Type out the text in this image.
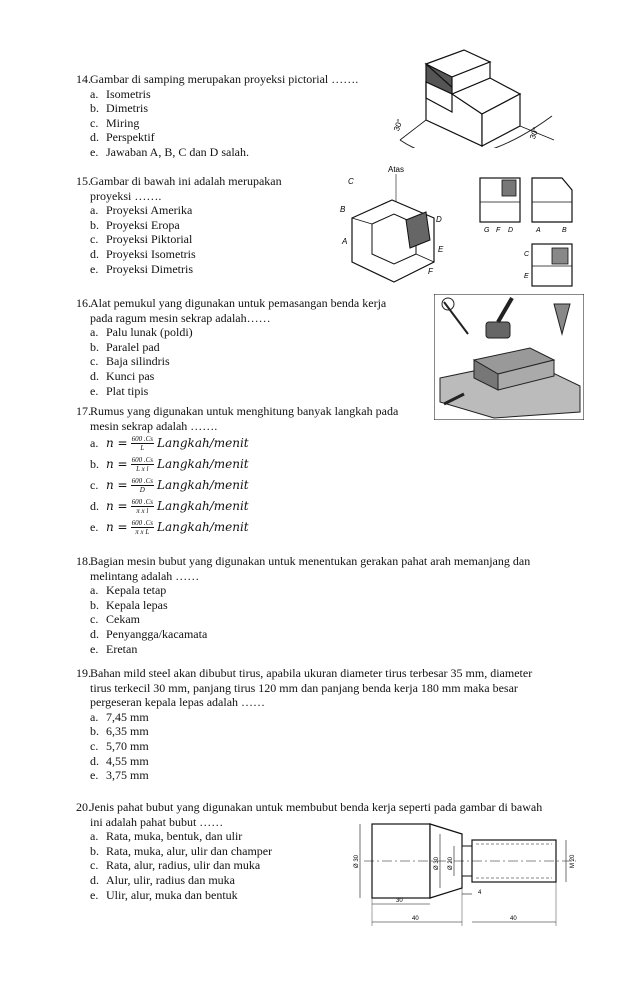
14. Gambar di samping merupakan proyeksi pictorial …….
a. Isometris
b. Dimetris
c. Miring
d. Perspektif
e. Jawaban A, B, C dan D salah.
30°
30°
15. Gambar di bawah ini adalah merupakan
proyeksi …….
a. Proyeksi Amerika
b. Proyeksi Eropa
c. Proyeksi Piktorial
d. Proyeksi Isometris
e. Proyeksi Dimetris
Atas
C
B
A
D
E
F
G F D	A	B
C
E
16. Alat pemukul yang digunakan untuk pemasangan benda kerja
pada ragum mesin sekrap adalah……
a. Palu lunak (poldi)
b. Paralel pad
c. Baja silindris
d. Kunci pas
e. Plat tipis
17. Rumus yang digunakan untuk menghitung banyak langkah pada
mesin sekrap adalah …….
a. $n = \frac{600 .Cs}{L}$ Langkah/menit
b. $n = \frac{600 .Cs}{\text{L x l}}$ Langkah/menit
c. $n = \frac{600 .Cs}{D}$ Langkah/menit
d. $n = \frac{600 .Cs}{\text{π x l}}$ Langkah/menit
e. $n = \frac{600 .Cs}{\text{π x L}}$ Langkah/menit
18. Bagian mesin bubut yang digunakan untuk menentukan gerakan pahat arah memanjang dan
melintang adalah ……
a. Kepala tetap
b. Kepala lepas
c. Cekam
d. Penyangga/kacamata
e. Eretan
19. Bahan mild steel akan dibubut tirus, apabila ukuran diameter tirus terbesar 35 mm, diameter
tirus terkecil 30 mm, panjang tirus 120 mm dan panjang benda kerja 180 mm maka besar
pergeseran kepala lepas adalah ……
a. 7,45 mm
b. 6,35 mm
c. 5,70 mm
d. 4,55 mm
e. 3,75 mm
20. Jenis pahat bubut yang digunakan untuk membubut benda kerja seperti pada gambar di bawah
ini adalah pahat bubut ……
a. Rata, muka, bentuk, dan ulir
b. Rata, muka, alur, ulir dan champer
c. Rata, alur, radius, ulir dan muka
d. Alur, ulir, radius dan muka
e. Ulir, alur, muka dan bentuk
Ø 30	Ø 30 Ø 20	M 20
30
4
40	40
